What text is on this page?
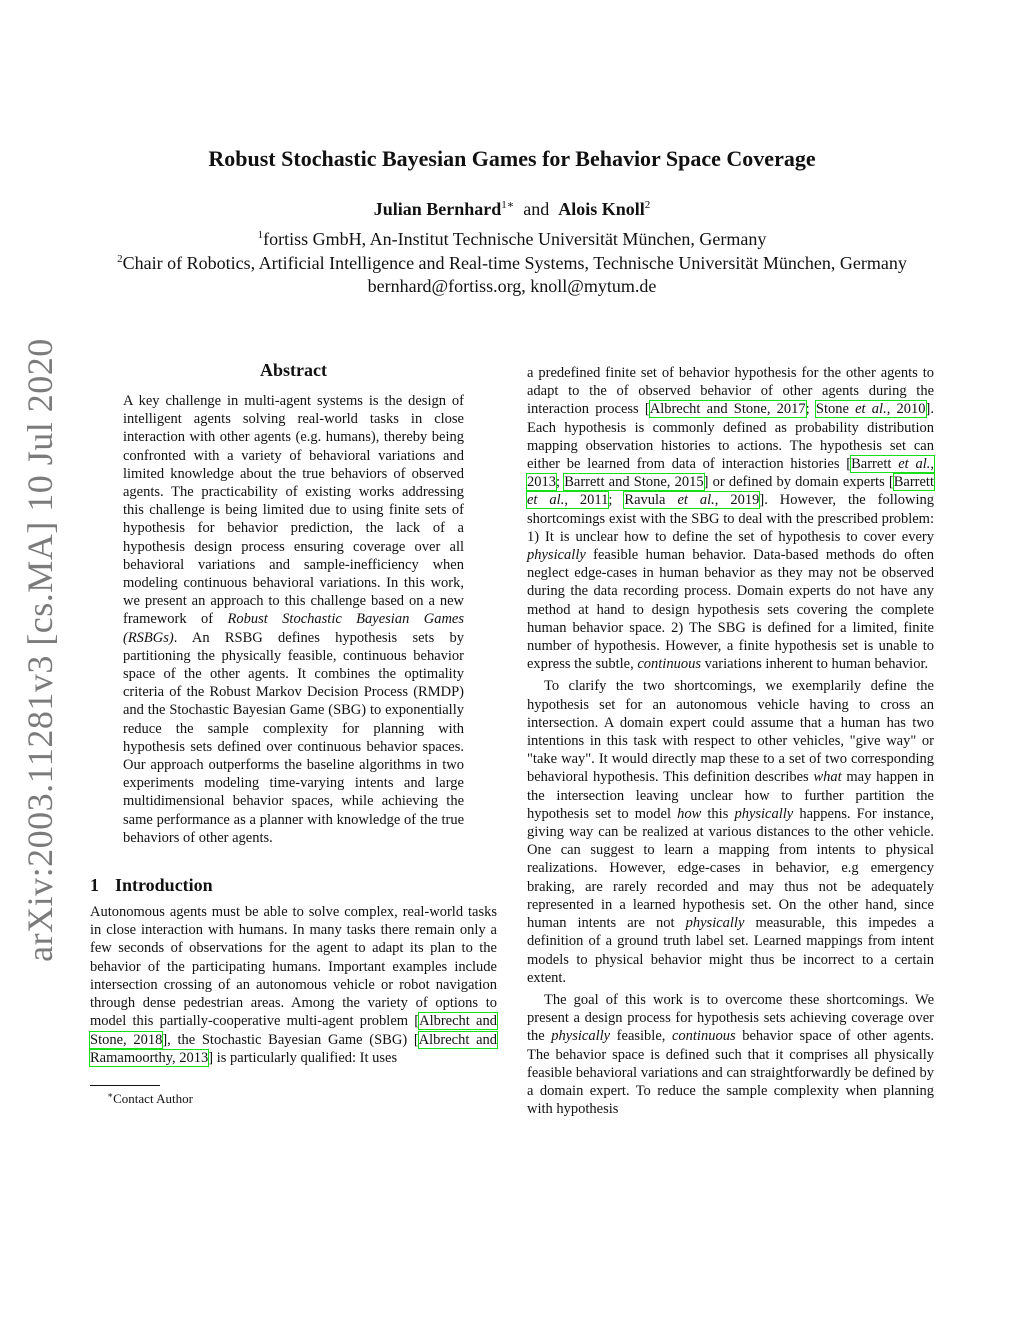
arXiv:2003.11281v3 [cs.MA] 10 Jul 2020
Robust Stochastic Bayesian Games for Behavior Space Coverage
Julian Bernhard$^{1∗}$ and Alois Knoll$^2$
$^1$fortiss GmbH, An-Institut Technische Universität München, Germany
$^2$Chair of Robotics, Artificial Intelligence and Real-time Systems, Technische Universität München, Germany
bernhard@fortiss.org, knoll@mytum.de
Abstract

A key challenge in multi-agent systems is the design of intelligent agents solving real-world tasks in close interaction with other agents (e.g. humans), thereby being confronted with a variety of behavioral variations and limited knowledge about the true behaviors of observed agents. The practicability of existing works addressing this challenge is being limited due to using finite sets of hypothesis for behavior prediction, the lack of a hypothesis design process ensuring coverage over all behavioral variations and sample-inefficiency when modeling continuous behavioral variations. In this work, we present an approach to this challenge based on a new framework of Robust Stochastic Bayesian Games (RSBGs). An RSBG defines hypothesis sets by partitioning the physically feasible, continuous behavior space of the other agents. It combines the optimality criteria of the Robust Markov Decision Process (RMDP) and the Stochastic Bayesian Game (SBG) to exponentially reduce the sample complexity for planning with hypothesis sets defined over continuous behavior spaces. Our approach outperforms the baseline algorithms in two experiments modeling time-varying intents and large multidimensional behavior spaces, while achieving the same performance as a planner with knowledge of the true behaviors of other agents.

1 Introduction

Autonomous agents must be able to solve complex, real-world tasks in close interaction with humans. In many tasks there remain only a few seconds of observations for the agent to adapt its plan to the behavior of the participating humans. Important examples include intersection crossing of an autonomous vehicle or robot navigation through dense pedestrian areas. Among the variety of options to model this partially-cooperative multi-agent problem [Albrecht and Stone, 2018], the Stochastic Bayesian Game (SBG) [Albrecht and Ramamoorthy, 2013] is particularly qualified: It uses

∗Contact Author

a predefined finite set of behavior hypothesis for the other agents to adapt to the of observed behavior of other agents during the interaction process [Albrecht and Stone, 2017; Stone et al., 2010]. Each hypothesis is commonly defined as probability distribution mapping observation histories to actions. The hypothesis set can either be learned from data of interaction histories [Barrett et al., 2013; Barrett and Stone, 2015] or defined by domain experts [Barrett et al., 2011; Ravula et al., 2019]. However, the following shortcomings exist with the SBG to deal with the prescribed problem: 1) It is unclear how to define the set of hypothesis to cover every physically feasible human behavior. Data-based methods do often neglect edge-cases in human behavior as they may not be observed during the data recording process. Domain experts do not have any method at hand to design hypothesis sets covering the complete human behavior space. 2) The SBG is defined for a limited, finite number of hypothesis. However, a finite hypothesis set is unable to express the subtle, continuous variations inherent to human behavior.

To clarify the two shortcomings, we exemplarily define the hypothesis set for an autonomous vehicle having to cross an intersection. A domain expert could assume that a human has two intentions in this task with respect to other vehicles, "give way" or "take way". It would directly map these to a set of two corresponding behavioral hypothesis. This definition describes what may happen in the intersection leaving unclear how to further partition the hypothesis set to model how this physically happens. For instance, giving way can be realized at various distances to the other vehicle. One can suggest to learn a mapping from intents to physical realizations. However, edge-cases in behavior, e.g emergency braking, are rarely recorded and may thus not be adequately represented in a learned hypothesis set. On the other hand, since human intents are not physically measurable, this impedes a definition of a ground truth label set. Learned mappings from intent models to physical behavior might thus be incorrect to a certain extent.

The goal of this work is to overcome these shortcomings. We present a design process for hypothesis sets achieving coverage over the physically feasible, continuous behavior space of other agents. The behavior space is defined such that it comprises all physically feasible behavioral variations and can straightforwardly be defined by a domain expert. To reduce the sample complexity when planning with hypothesis
